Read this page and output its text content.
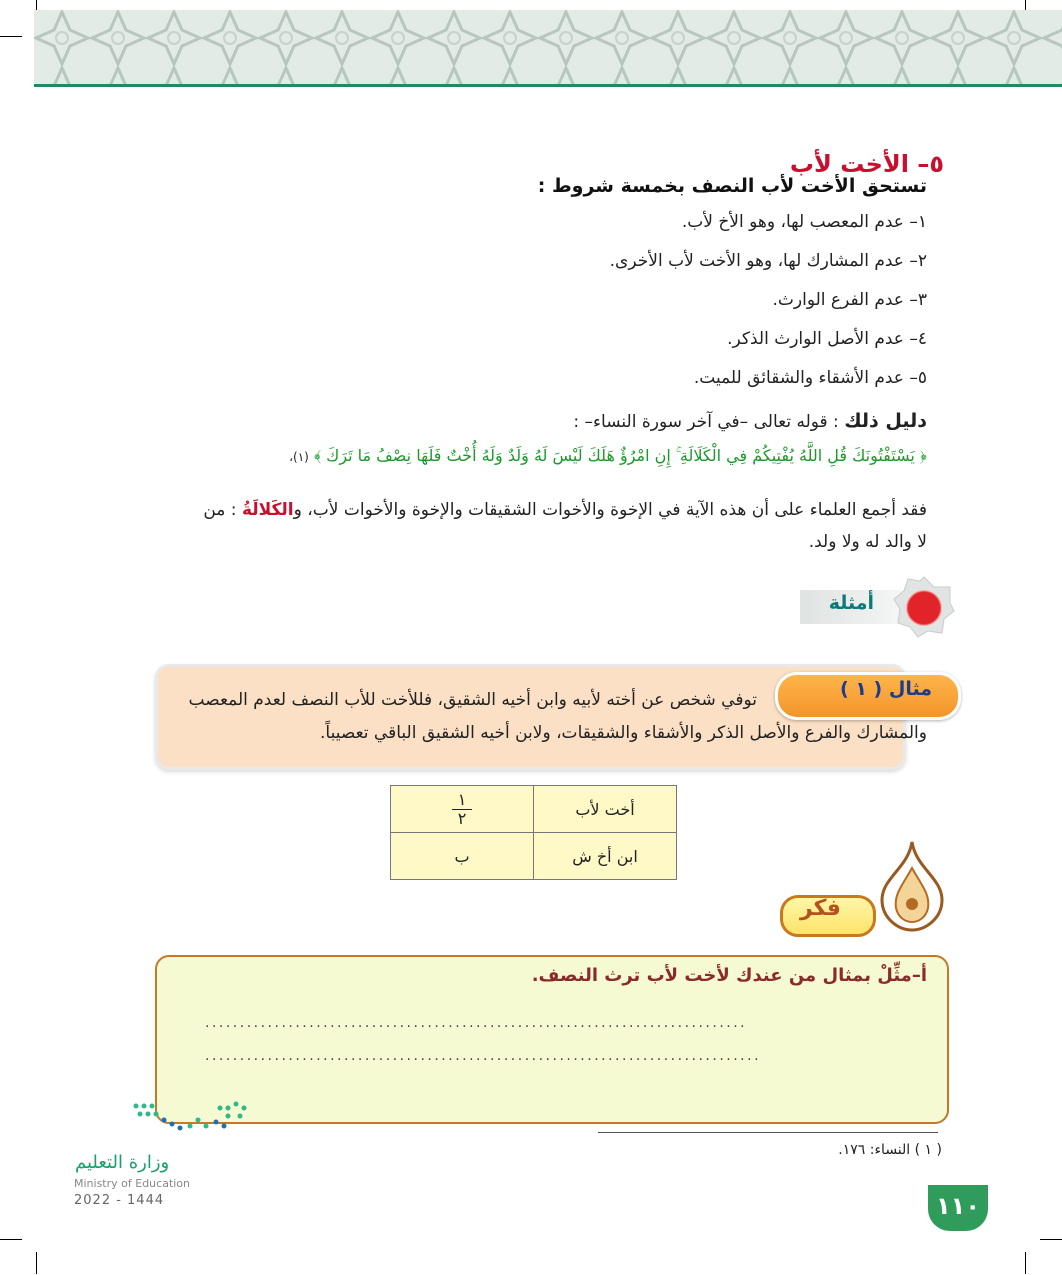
٥– الأخت لأب
تستحق الأخت لأب النصف بخمسة شروط :
١– عدم المعصب لها، وهو الأخ لأب.
٢– عدم المشارك لها، وهو الأخت لأب الأخرى.
٣– عدم الفرع الوارث.
٤– عدم الأصل الوارث الذكر.
٥– عدم الأشقاء والشقائق للميت.
دليل ذلك : قوله تعالى –في آخر سورة النساء– :
﴿ يَسْتَفْتُونَكَ قُلِ اللَّهُ يُفْتِيكُمْ فِي الْكَلَالَةِ ۚ إِنِ امْرُؤٌ هَلَكَ لَيْسَ لَهُ وَلَدٌ وَلَهُ أُخْتٌ فَلَهَا نِصْفُ مَا تَرَكَ ﴾ (١)،
فقد أجمع العلماء على أن هذه الآية في الإخوة والأخوات الشقيقات والإخوة والأخوات لأب، والكَلالَةُ : من لا والد له ولا ولد.
أمثلة
مثال ( ١ )
توفي شخص عن أخته لأبيه وابن أخيه الشقيق، فللأخت للأب النصف لعدم المعصب والمشارك والفرع والأصل الذكر والأشقاء والشقيقات، ولابن أخيه الشقيق الباقي تعصيباً.
$\frac{١}{٢}$	أخت لأب
ب	ابن أخ ش
فكر
أ–مثِّلْ بمثال من عندك لأخت لأب ترث النصف.
..............................................................................
................................................................................
( ١ ) النساء: ١٧٦.
١١٠
وزارة التعليم
Ministry of Education
2022 - 1444
